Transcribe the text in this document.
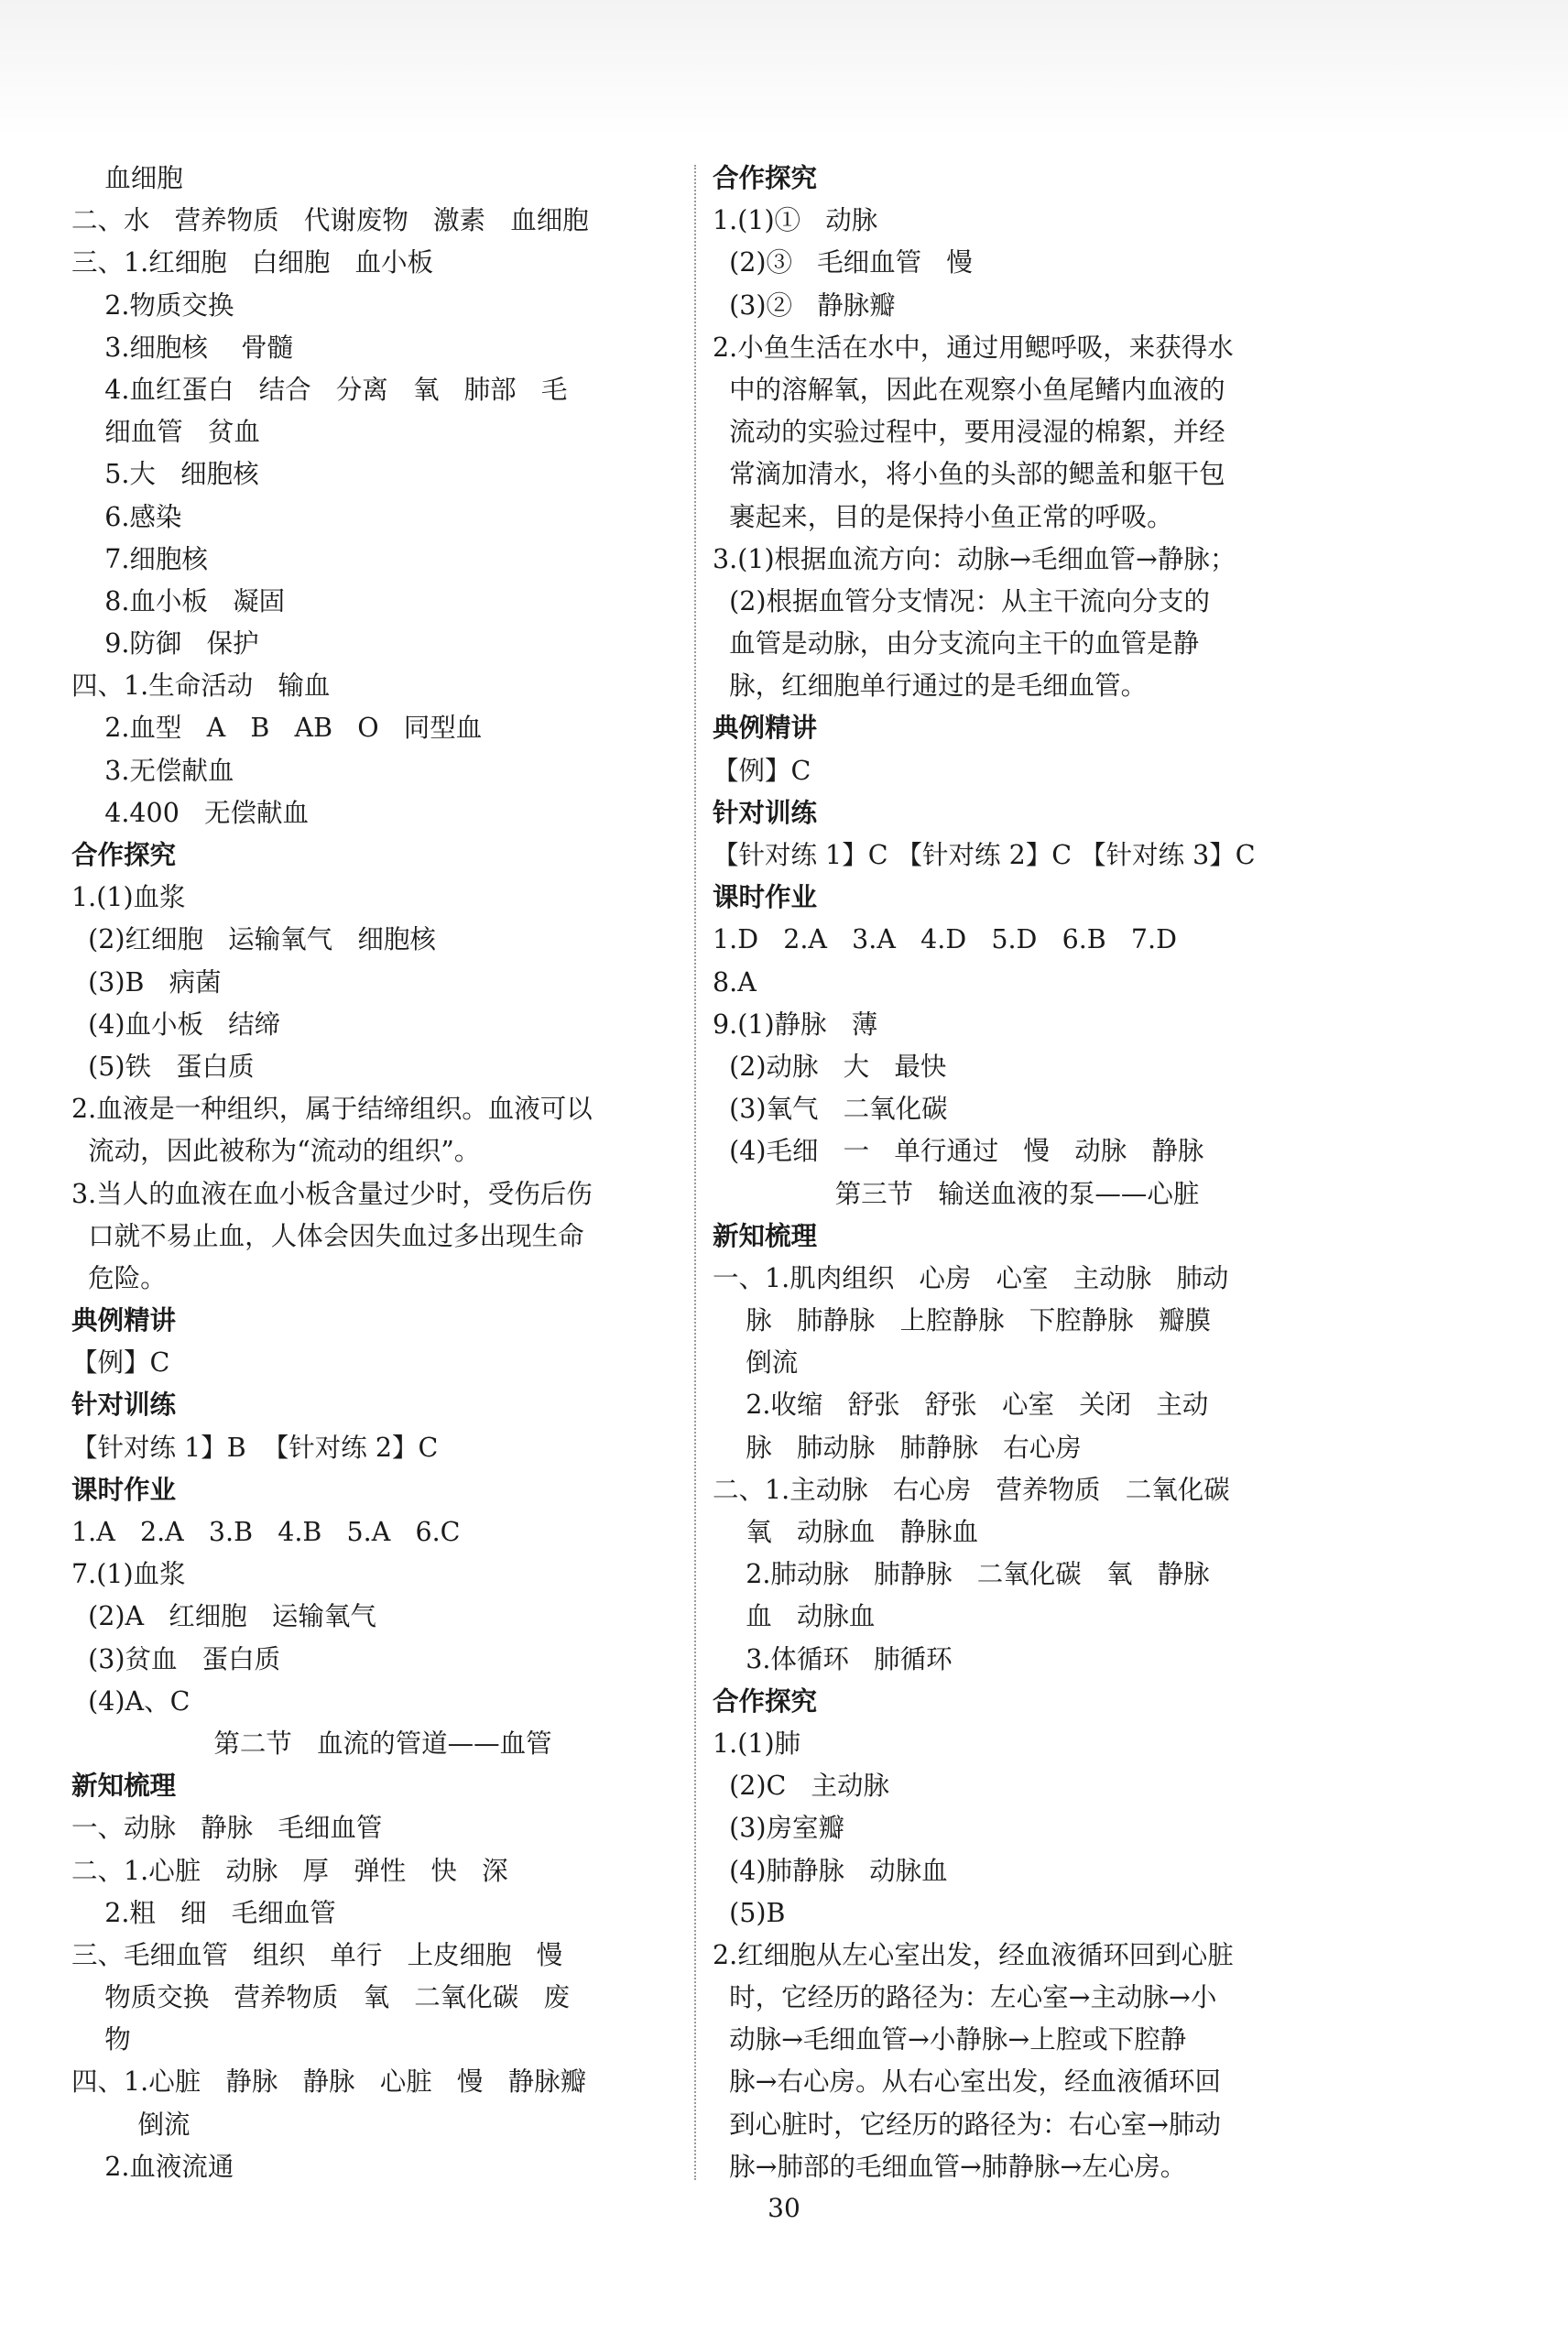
血细胞
二、水   营养物质   代谢废物   激素   血细胞
三、1.红细胞   白细胞   血小板
2.物质交换
3.细胞核    骨髓
4.血红蛋白   结合   分离   氧   肺部   毛
细血管   贫血
5.大   细胞核
6.感染
7.细胞核
8.血小板   凝固
9.防御   保护
四、1.生命活动   输血
2.血型   A   B   AB   O   同型血
3.无偿献血
4.400   无偿献血
合作探究
1.(1)血浆
(2)红细胞   运输氧气   细胞核
(3)B   病菌
(4)血小板   结缔
(5)铁   蛋白质
2.血液是一种组织，属于结缔组织。血液可以
流动，因此被称为“流动的组织”。
3.当人的血液在血小板含量过少时，受伤后伤
口就不易止血，人体会因失血过多出现生命
危险。
典例精讲
【例】C
针对训练
【针对练 1】B  【针对练 2】C
课时作业
1.A   2.A   3.B   4.B   5.A   6.C
7.(1)血浆
(2)A   红细胞   运输氧气
(3)贫血   蛋白质
(4)A、C
第二节   血流的管道——血管
新知梳理
一、动脉   静脉   毛细血管
二、1.心脏   动脉   厚   弹性   快   深
2.粗   细   毛细血管
三、毛细血管   组织   单行   上皮细胞   慢
物质交换   营养物质   氧   二氧化碳   废
物
四、1.心脏   静脉   静脉   心脏   慢   静脉瓣
倒流
2.血液流通
合作探究
1.(1)①   动脉
(2)③   毛细血管   慢
(3)②   静脉瓣
2.小鱼生活在水中，通过用鳃呼吸，来获得水
中的溶解氧，因此在观察小鱼尾鳍内血液的
流动的实验过程中，要用浸湿的棉絮，并经
常滴加清水，将小鱼的头部的鳃盖和躯干包
裹起来，目的是保持小鱼正常的呼吸。
3.(1)根据血流方向：动脉→毛细血管→静脉；
(2)根据血管分支情况：从主干流向分支的
血管是动脉，由分支流向主干的血管是静
脉，红细胞单行通过的是毛细血管。
典例精讲
【例】C
针对训练
【针对练 1】C 【针对练 2】C 【针对练 3】C
课时作业
1.D   2.A   3.A   4.D   5.D   6.B   7.D
8.A
9.(1)静脉   薄
(2)动脉   大   最快
(3)氧气   二氧化碳
(4)毛细   一   单行通过   慢   动脉   静脉
第三节   输送血液的泵——心脏
新知梳理
一、1.肌肉组织   心房   心室   主动脉   肺动
脉   肺静脉   上腔静脉   下腔静脉   瓣膜
倒流
2.收缩   舒张   舒张   心室   关闭   主动
脉   肺动脉   肺静脉   右心房
二、1.主动脉   右心房   营养物质   二氧化碳
氧   动脉血   静脉血
2.肺动脉   肺静脉   二氧化碳   氧   静脉
血   动脉血
3.体循环   肺循环
合作探究
1.(1)肺
(2)C   主动脉
(3)房室瓣
(4)肺静脉   动脉血
(5)B
2.红细胞从左心室出发，经血液循环回到心脏
时，它经历的路径为：左心室→主动脉→小
动脉→毛细血管→小静脉→上腔或下腔静
脉→右心房。从右心室出发，经血液循环回
到心脏时，它经历的路径为：右心室→肺动
脉→肺部的毛细血管→肺静脉→左心房。
30
